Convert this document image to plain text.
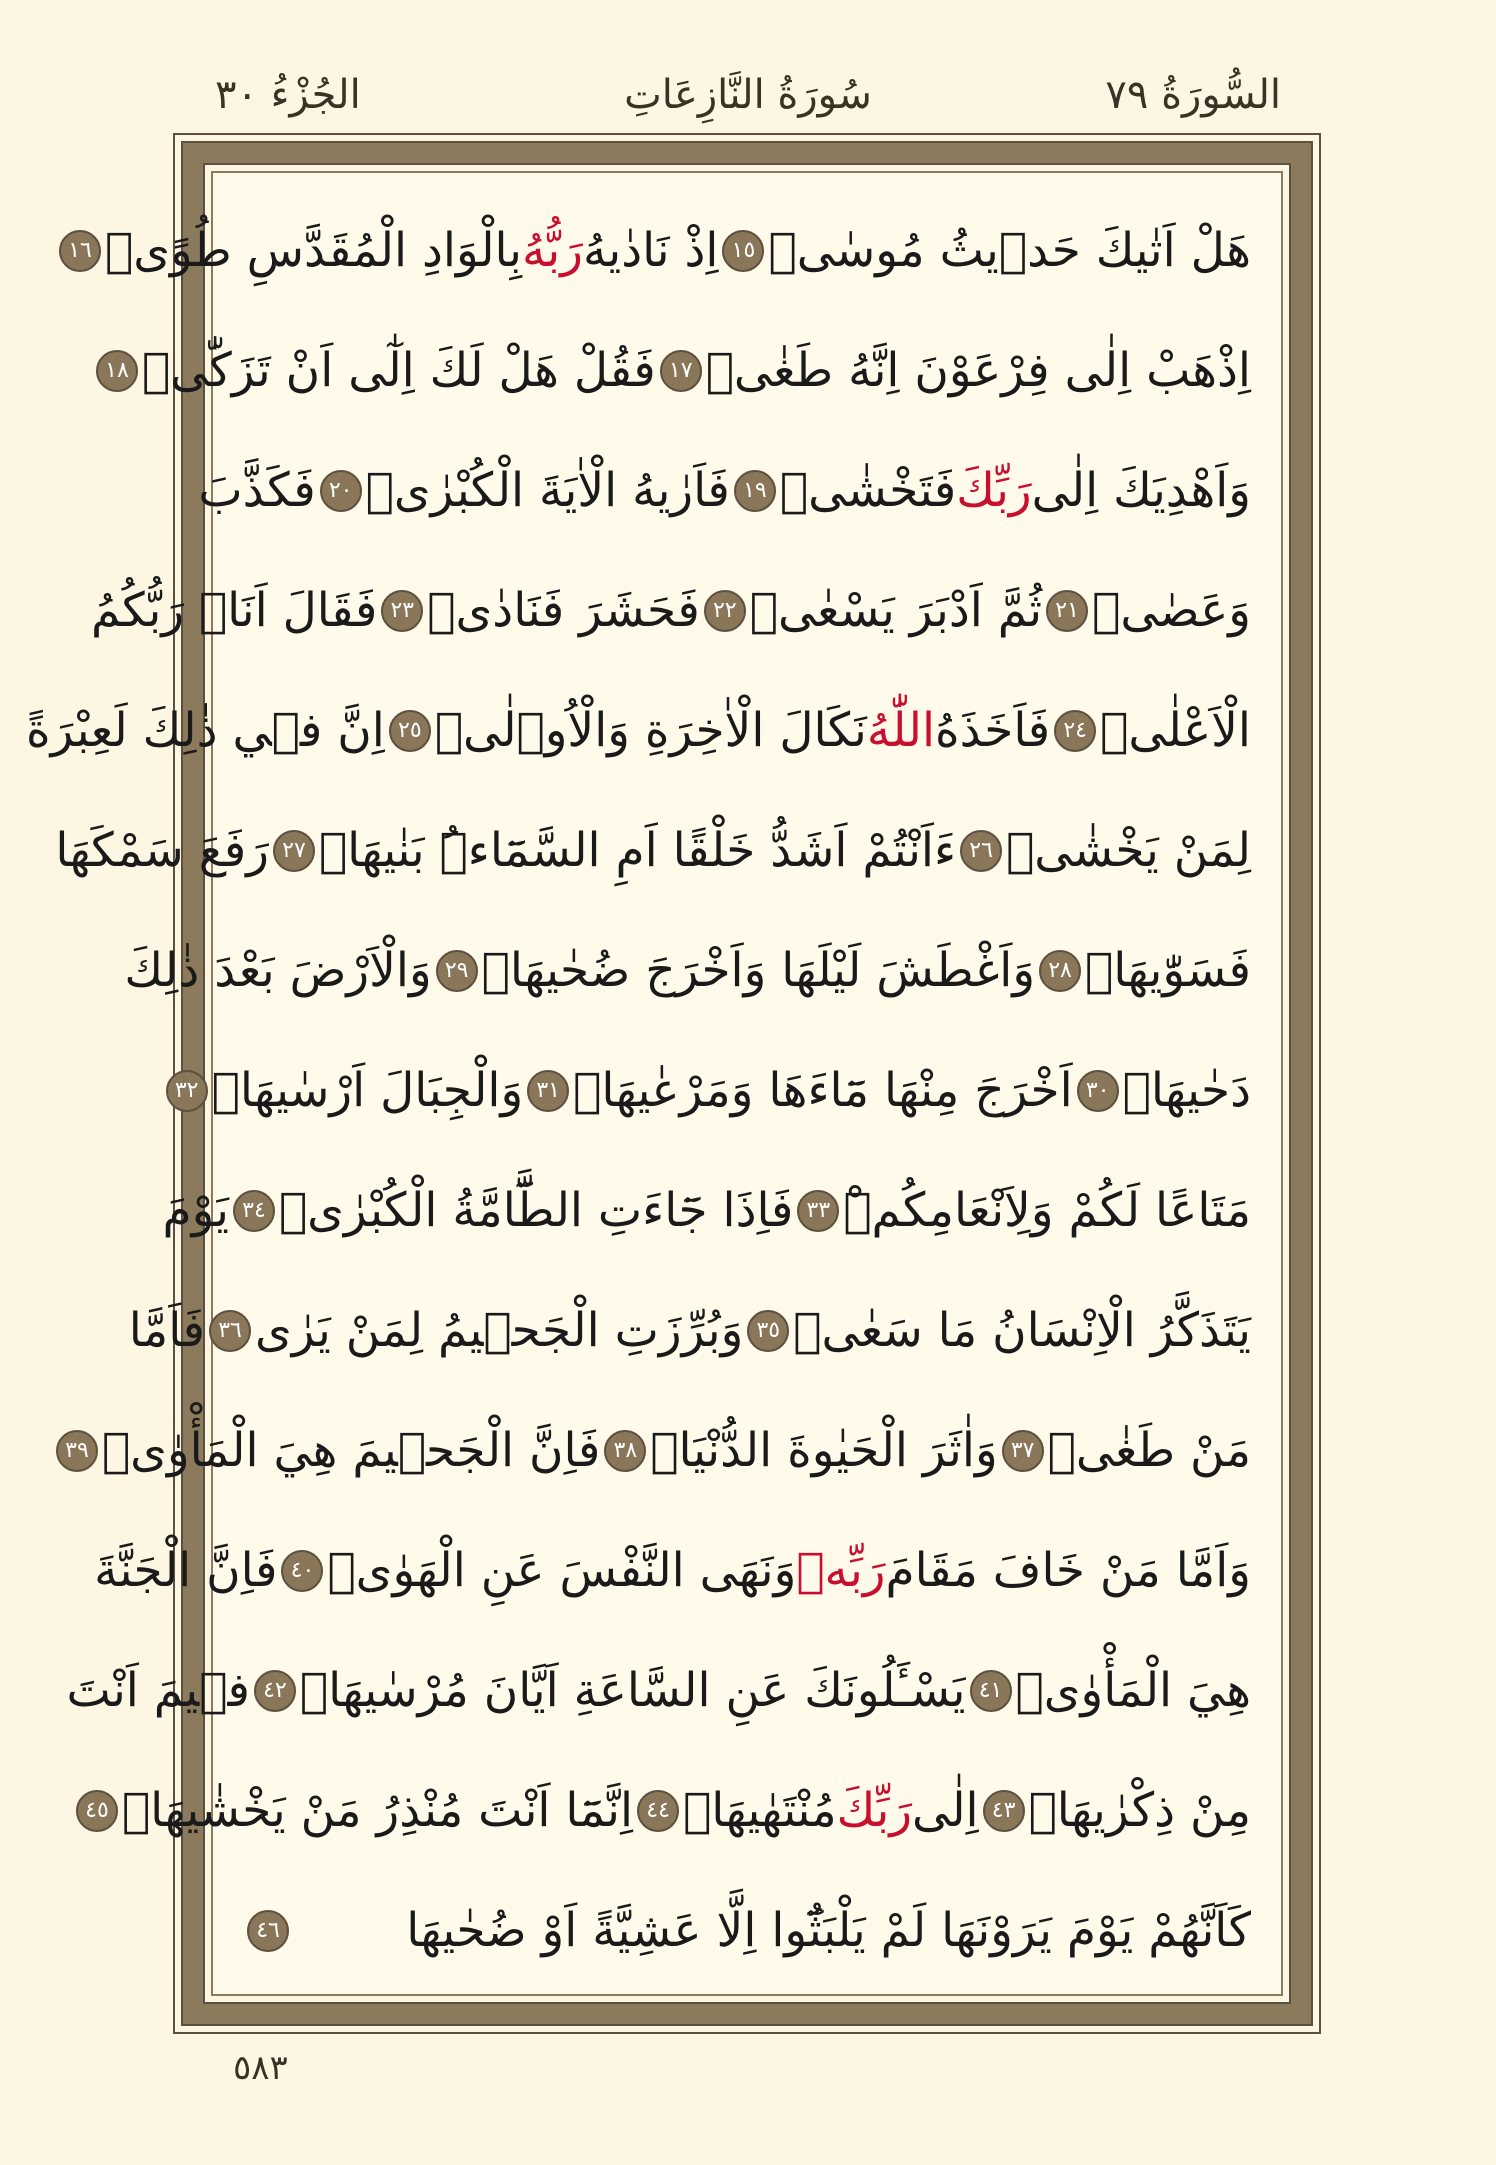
الجُزْءُ ٣٠	سُورَةُ النَّازِعَاتِ	السُّورَةُ ٧٩
هَلْ اَتٰيكَ حَد۪يثُ مُوسٰىۢ
١٥
اِذْ نَادٰيهُ
رَبُّهُ
بِالْوَادِ الْمُقَدَّسِ طُوًىۚ
١٦
اِذْهَبْ اِلٰى فِرْعَوْنَ اِنَّهُ طَغٰىۘ
١٧
فَقُلْ هَلْ لَكَ اِلٰٓى اَنْ تَزَكّٰىۙ
١٨
وَاَهْدِيَكَ اِلٰى
رَبِّكَ
فَتَخْشٰىۚ
١٩
فَاَرٰيهُ الْاٰيَةَ الْكُبْرٰىۘ
٢٠
فَكَذَّبَ
وَعَصٰىۘ
٢١
ثُمَّ اَدْبَرَ يَسْعٰىۘ
٢٢
فَحَشَرَ فَنَادٰىۘ
٢٣
فَقَالَ اَنَا۬ رَبُّكُمُ
الْاَعْلٰىۘ
٢٤
فَاَخَذَهُ
اللّٰهُ
نَكَالَ الْاٰخِرَةِ وَالْاُو۫لٰىۜ
٢٥
اِنَّ ف۪ي ذٰلِكَ لَعِبْرَةً
لِمَنْ يَخْشٰىۜ
٢٦
ءَاَنْتُمْ اَشَدُّ خَلْقًا اَمِ السَّمَٓاءُۜ بَنٰيهَاۗ
٢٧
رَفَعَ سَمْكَهَا
فَسَوّٰيهَاۙ
٢٨
وَاَغْطَشَ لَيْلَهَا وَاَخْرَجَ ضُحٰيهَاۖ
٢٩
وَالْاَرْضَ بَعْدَ ذٰلِكَ
دَحٰيهَاۜ
٣٠
اَخْرَجَ مِنْهَا مَٓاءَهَا وَمَرْعٰيهَاۖ
٣١
وَالْجِبَالَ اَرْسٰيهَاۙ
٣٢
مَتَاعًا لَكُمْ وَلِاَنْعَامِكُمْۜ
٣٣
فَاِذَا جَٓاءَتِ الطَّٓامَّةُ الْكُبْرٰىۘ
٣٤
يَوْمَ
يَتَذَكَّرُ الْاِنْسَانُ مَا سَعٰىۙ
٣٥
وَبُرِّزَتِ الْجَح۪يمُ لِمَنْ يَرٰى
٣٦
فَاَمَّا
مَنْ طَغٰىۙ
٣٧
وَاٰثَرَ الْحَيٰوةَ الدُّنْيَاۙ
٣٨
فَاِنَّ الْجَح۪يمَ هِيَ الْمَأْوٰىۜ
٣٩
وَاَمَّا مَنْ خَافَ مَقَامَ
رَبِّه۪
وَنَهَى النَّفْسَ عَنِ الْهَوٰىۙ
٤٠
فَاِنَّ الْجَنَّةَ
هِيَ الْمَأْوٰىۜ
٤١
يَسْـَٔلُونَكَ عَنِ السَّاعَةِ اَيَّانَ مُرْسٰيهَاۜ
٤٢
ف۪يمَ اَنْتَ
مِنْ ذِكْرٰيهَاۜ
٤٣
اِلٰى
رَبِّكَ
مُنْتَهٰيهَاۜ
٤٤
اِنَّمَٓا اَنْتَ مُنْذِرُ مَنْ يَخْشٰيهَاۜ
٤٥
كَاَنَّهُمْ يَوْمَ يَرَوْنَهَا لَمْ يَلْبَثُٓوا اِلَّا عَشِيَّةً اَوْ ضُحٰيهَا
٤٦
٥٨٣
